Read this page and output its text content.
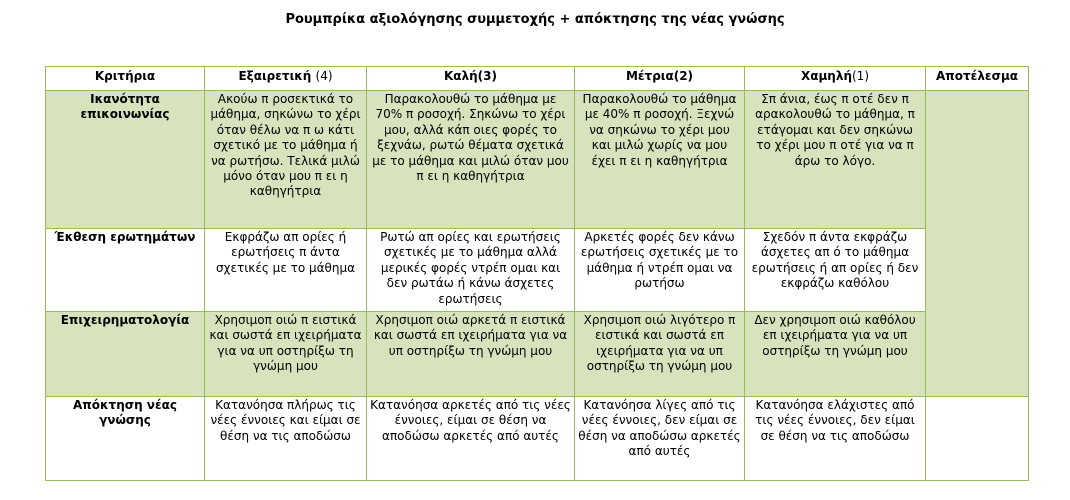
Ρουμπρίκα αξιολόγησης συμμετοχής + απόκτησης της νέας γνώσης
Κριτήρια	Εξαιρετική (4)	Καλή(3)	Μέτρια(2)	Χαμηλή(1)	Αποτέλεσμα
Ικανότητα επικοινωνίας	Ακούω π ροσεκτικά το μάθημα, σηκώνω το χέρι όταν θέλω να π ω κάτι σχετικό με το μάθημα ή να ρωτήσω. Τελικά μιλώ μόνο όταν μου π ει η καθηγήτρια	Παρακολουθώ το μάθημα με 70% π ροσοχή. Σηκώνω το χέρι μου, αλλά κάπ οιες φορές το ξεχνάω, ρωτώ θέματα σχετικά με το μάθημα και μιλώ όταν μου π ει η καθηγήτρια	Παρακολουθώ το μάθημα με 40% π ροσοχή. Ξεχνώ να σηκώνω το χέρι μου και μιλώ χωρίς να μου έχει π ει η καθηγήτρια	Σπ άνια, έως π οτέ δεν π αρακολουθώ το μάθημα, π ετάγομαι και δεν σηκώνω το χέρι μου π οτέ για να π άρω το λόγο.	
Έκθεση ερωτημάτων	Εκφράζω απ ορίες ή ερωτήσεις π άντα σχετικές με το μάθημα	Ρωτώ απ ορίες και ερωτήσεις σχετικές με το μάθημα αλλά μερικές φορές ντρέπ ομαι και δεν ρωτάω ή κάνω άσχετες ερωτήσεις	Αρκετές φορές δεν κάνω ερωτήσεις σχετικές με το μάθημα ή ντρέπ ομαι να ρωτήσω	Σχεδόν π άντα εκφράζω άσχετες απ ό το μάθημα ερωτήσεις ή απ ορίες ή δεν εκφράζω καθόλου	
Επιχειρηματολογία	Χρησιμοπ οιώ π ειστικά και σωστά επ ιχειρήματα για να υπ οστηρίξω τη γνώμη μου	Χρησιμοπ οιώ αρκετά π ειστικά και σωστά επ ιχειρήματα για να υπ οστηρίξω τη γνώμη μου	Χρησιμοπ οιώ λιγότερο π ειστικά και σωστά επ ιχειρήματα για να υπ οστηρίξω τη γνώμη μου	Δεν χρησιμοπ οιώ καθόλου επ ιχειρήματα για να υπ οστηρίξω τη γνώμη μου	
Απόκτηση νέας γνώσης	Κατανόησα πλήρως τις νέες έννοιες και είμαι σε θέση να τις αποδώσω	Κατανόησα αρκετές από τις νέες έννοιες, είμαι σε θέση να αποδώσω αρκετές από αυτές	Κατανόησα λίγες από τις νέες έννοιες, δεν είμαι σε θέση να αποδώσω αρκετές από αυτές	Κατανόησα ελάχιστες από τις νέες έννοιες, δεν είμαι σε θέση να τις αποδώσω	
